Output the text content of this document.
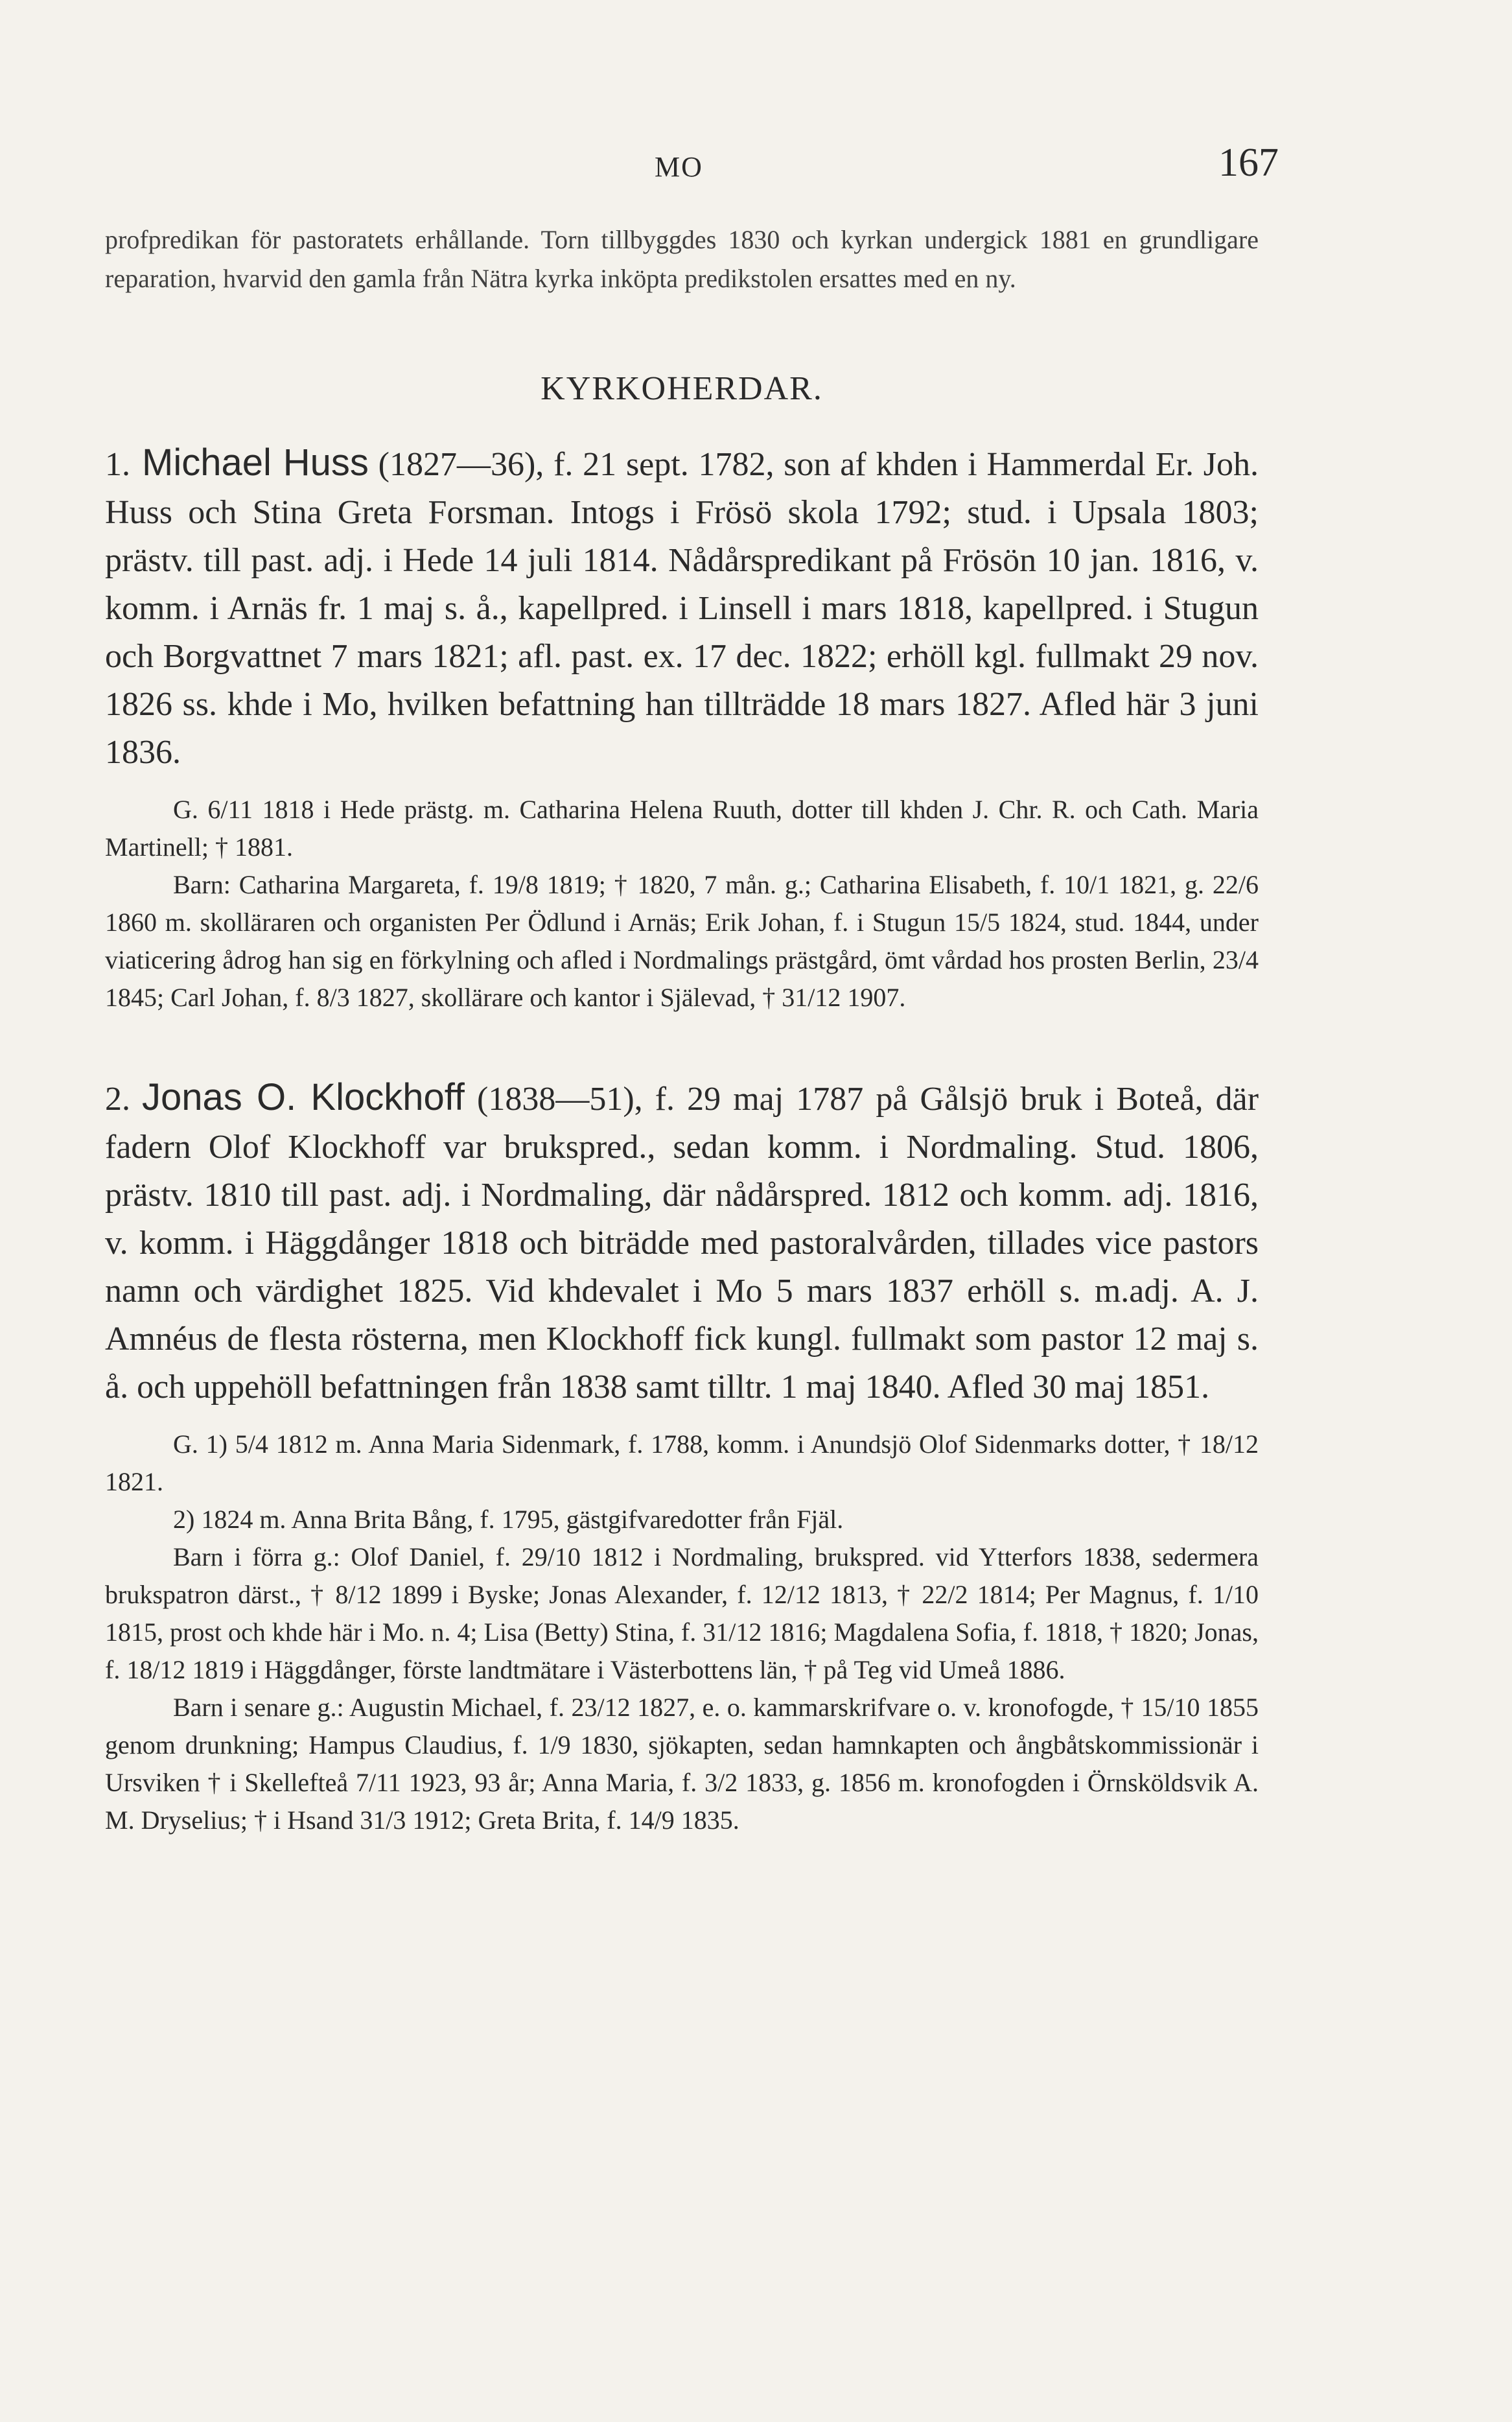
MO	167

profpredikan för pastoratets erhållande. Torn tillbyggdes 1830 och kyrkan undergick 1881 en grundligare reparation, hvarvid den gamla från Nätra kyrka inköpta predikstolen ersattes med en ny.

KYRKOHERDAR.

1. Michael Huss (1827—36), f. 21 sept. 1782, son af khden i Hammerdal Er. Joh. Huss och Stina Greta Forsman. Intogs i Frösö skola 1792; stud. i Upsala 1803; prästv. till past. adj. i Hede 14 juli 1814. Nådårspredikant på Frösön 10 jan. 1816, v. komm. i Arnäs fr. 1 maj s. å., kapellpred. i Linsell i mars 1818, kapellpred. i Stugun och Borgvattnet 7 mars 1821; afl. past. ex. 17 dec. 1822; erhöll kgl. fullmakt 29 nov. 1826 ss. khde i Mo, hvilken befattning han tillträdde 18 mars 1827. Afled här 3 juni 1836.

G. 6/11 1818 i Hede prästg. m. Catharina Helena Ruuth, dotter till khden J. Chr. R. och Cath. Maria Martinell; † 1881.

Barn: Catharina Margareta, f. 19/8 1819; † 1820, 7 mån. g.; Catharina Elisabeth, f. 10/1 1821, g. 22/6 1860 m. skolläraren och organisten Per Ödlund i Arnäs; Erik Johan, f. i Stugun 15/5 1824, stud. 1844, under viaticering ådrog han sig en förkylning och afled i Nordmalings prästgård, ömt vårdad hos prosten Berlin, 23/4 1845; Carl Johan, f. 8/3 1827, skollärare och kantor i Själevad, † 31/12 1907.

2. Jonas O. Klockhoff (1838—51), f. 29 maj 1787 på Gålsjö bruk i Boteå, där fadern Olof Klockhoff var brukspred., sedan komm. i Nordmaling. Stud. 1806, prästv. 1810 till past. adj. i Nordmaling, där nådårspred. 1812 och komm. adj. 1816, v. komm. i Häggdånger 1818 och biträdde med pastoralvården, tillades vice pastors namn och värdighet 1825. Vid khdevalet i Mo 5 mars 1837 erhöll s. m.adj. A. J. Amnéus de flesta rösterna, men Klockhoff fick kungl. fullmakt som pastor 12 maj s. å. och uppehöll befattningen från 1838 samt tilltr. 1 maj 1840. Afled 30 maj 1851.

G. 1) 5/4 1812 m. Anna Maria Sidenmark, f. 1788, komm. i Anundsjö Olof Sidenmarks dotter, † 18/12 1821.

2) 1824 m. Anna Brita Bång, f. 1795, gästgifvaredotter från Fjäl.

Barn i förra g.: Olof Daniel, f. 29/10 1812 i Nordmaling, brukspred. vid Ytterfors 1838, sedermera brukspatron därst., † 8/12 1899 i Byske; Jonas Alexander, f. 12/12 1813, † 22/2 1814; Per Magnus, f. 1/10 1815, prost och khde här i Mo. n. 4; Lisa (Betty) Stina, f. 31/12 1816; Magdalena Sofia, f. 1818, † 1820; Jonas, f. 18/12 1819 i Häggdånger, förste landtmätare i Västerbottens län, † på Teg vid Umeå 1886.

Barn i senare g.: Augustin Michael, f. 23/12 1827, e. o. kammarskrifvare o. v. kronofogde, † 15/10 1855 genom drunkning; Hampus Claudius, f. 1/9 1830, sjökapten, sedan hamnkapten och ångbåtskommissionär i Ursviken † i Skellefteå 7/11 1923, 93 år; Anna Maria, f. 3/2 1833, g. 1856 m. kronofogden i Örnsköldsvik A. M. Dryselius; † i Hsand 31/3 1912; Greta Brita, f. 14/9 1835.
